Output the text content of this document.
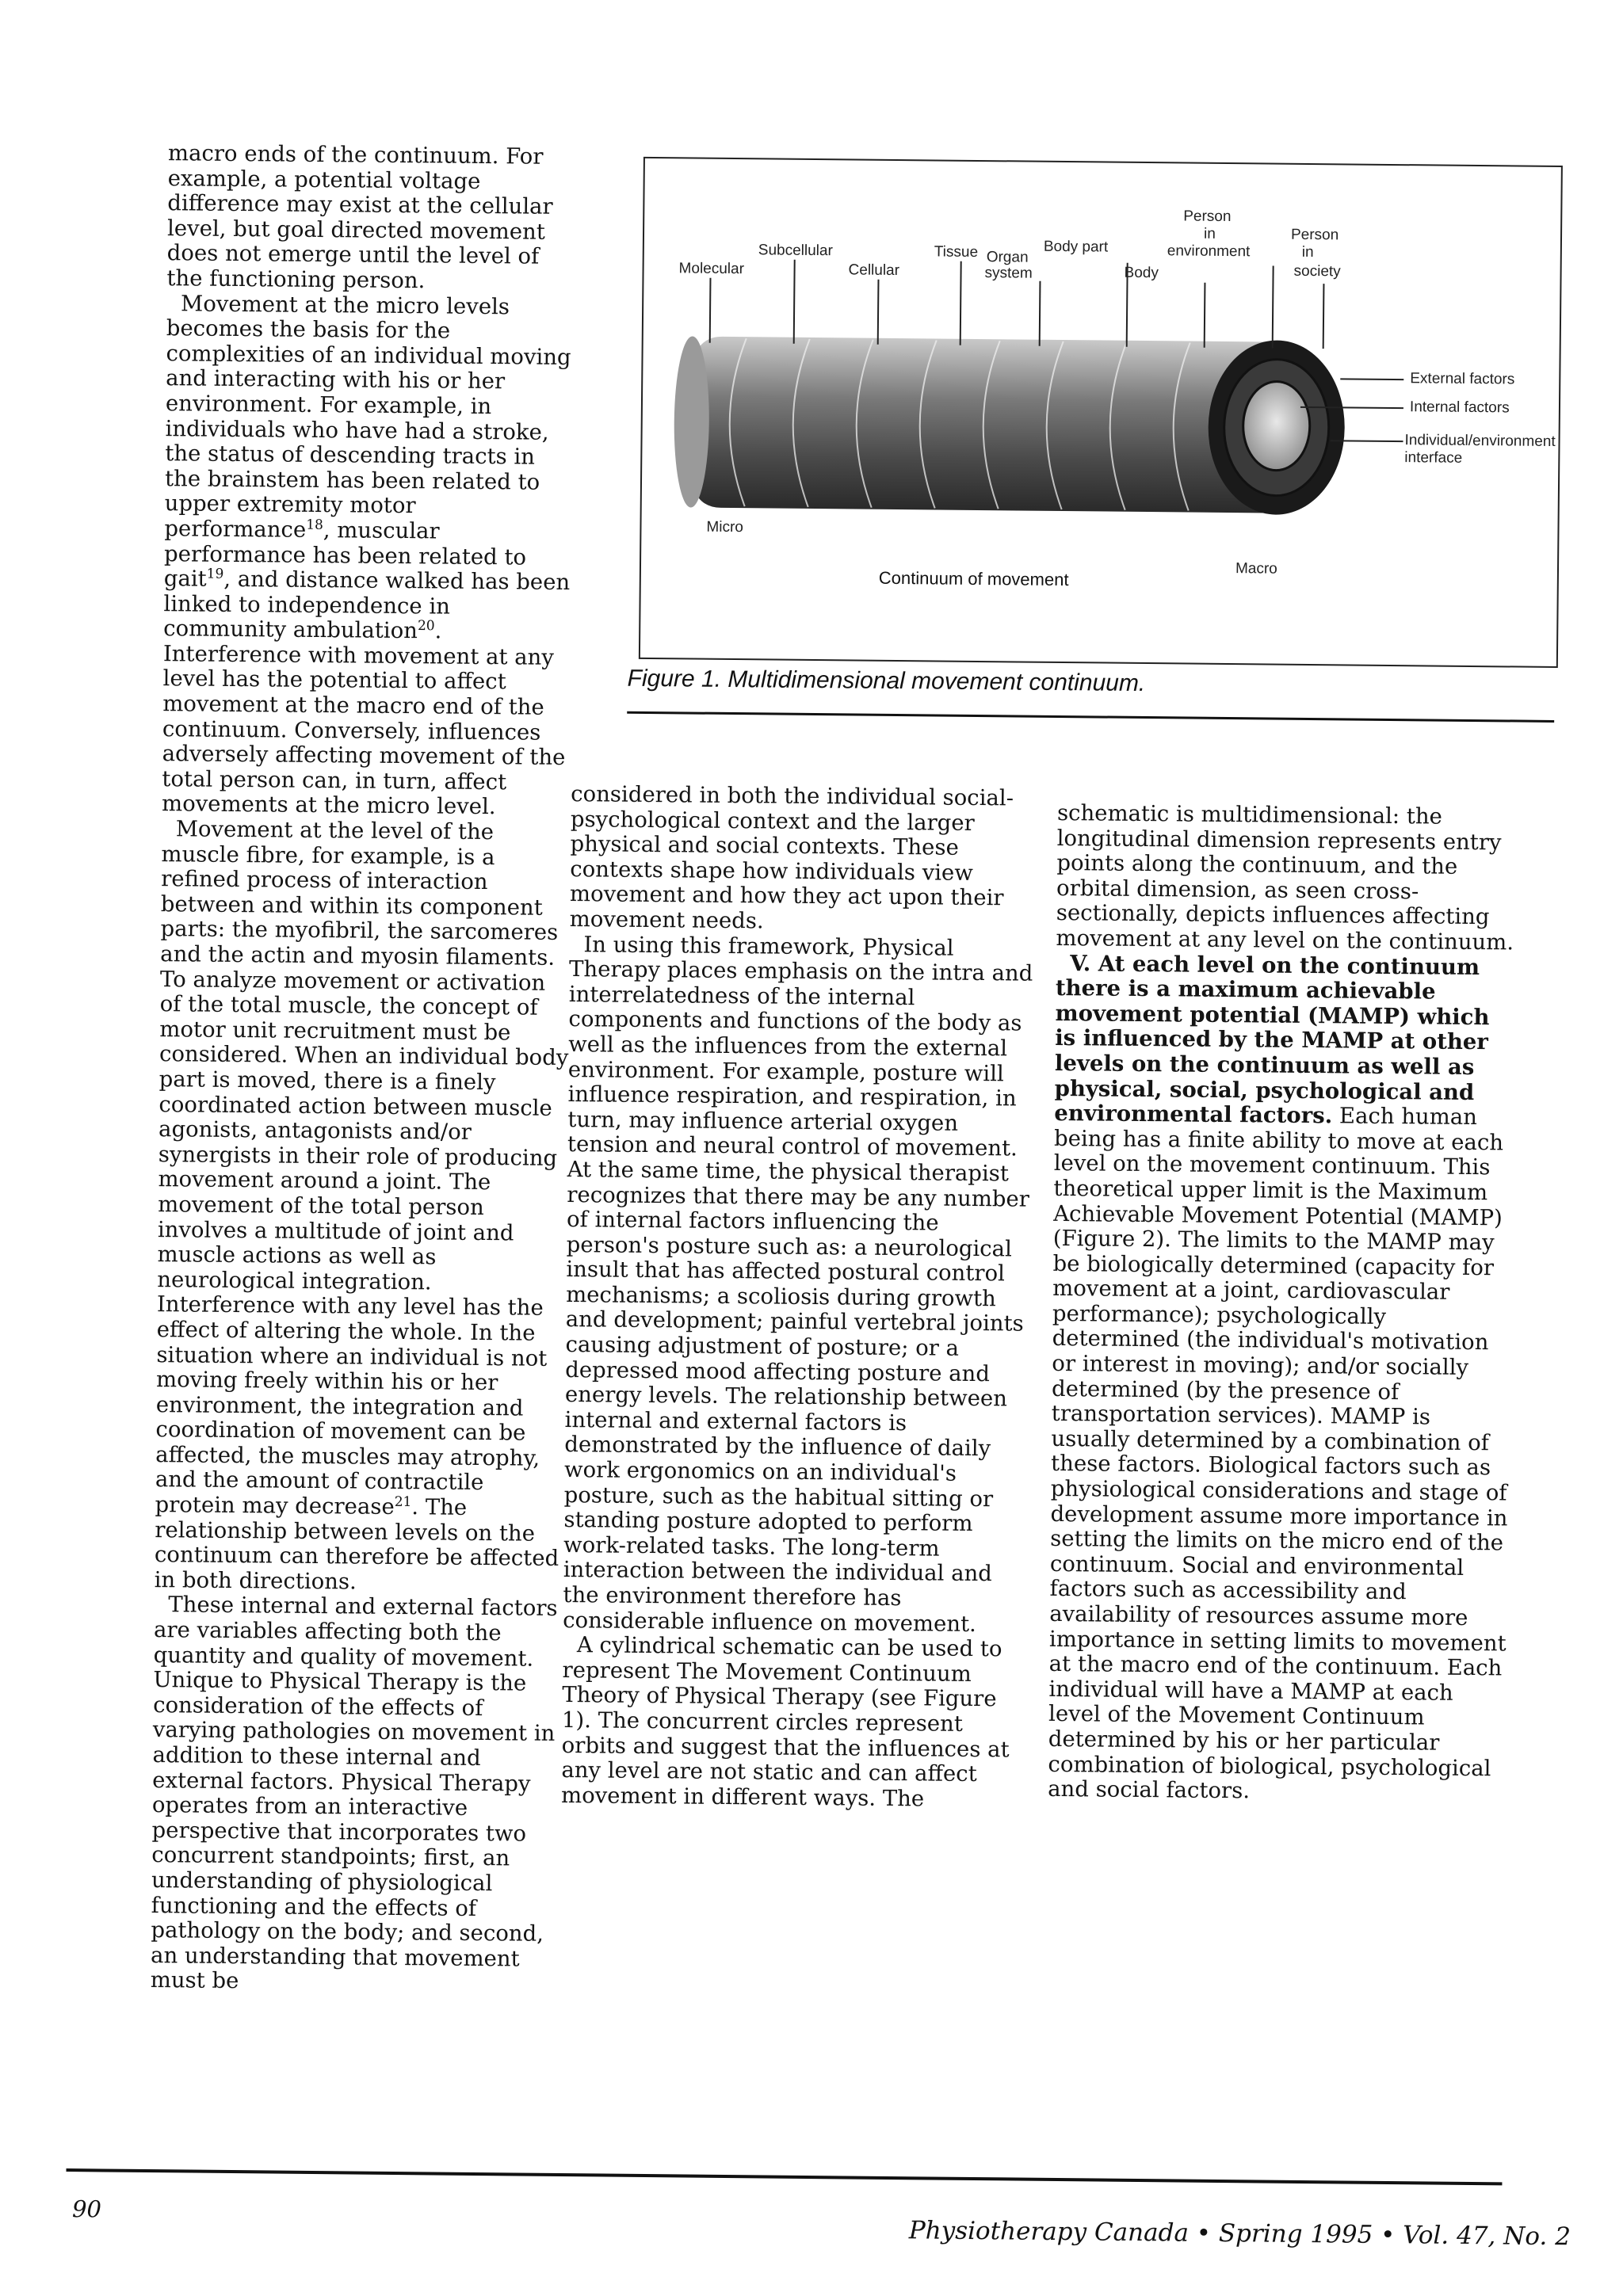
macro ends of the continuum. For example, a potential voltage difference may exist at the cellular level, but goal directed movement does not emerge until the level of the functioning person.

Movement at the micro levels becomes the basis for the complexities of an individual moving and interacting with his or her environment. For example, in individuals who have had a stroke, the status of descending tracts in the brainstem has been related to upper extremity motor performance$^{18}$, muscular performance has been related to gait$^{19}$, and distance walked has been linked to independence in community ambulation$^{20}$. Interference with movement at any level has the potential to affect movement at the macro end of the continuum. Conversely, influences adversely affecting movement of the total person can, in turn, affect movements at the micro level.

Movement at the level of the muscle fibre, for example, is a refined process of interaction between and within its component parts: the myofibril, the sarcomeres and the actin and myosin filaments. To analyze movement or activation of the total muscle, the concept of motor unit recruitment must be considered. When an individual body part is moved, there is a finely coordinated action between muscle agonists, antagonists and/or synergists in their role of producing movement around a joint. The movement of the total person involves a multitude of joint and muscle actions as well as neurological integration. Interference with any level has the effect of altering the whole. In the situation where an individual is not moving freely within his or her environment, the integration and coordination of movement can be affected, the muscles may atrophy, and the amount of contractile protein may decrease$^{21}$. The relationship between levels on the continuum can therefore be affected in both directions.

These internal and external factors are variables affecting both the quantity and quality of movement. Unique to Physical Therapy is the consideration of the effects of varying pathologies on movement in addition to these internal and external factors. Physical Therapy operates from an interactive perspective that incorporates two concurrent standpoints; first, an understanding of physiological functioning and the effects of pathology on the body; and second, an understanding that movement must be

Molecular
Subcellular
Cellular
Tissue Organ
system
Body part
Body
Person
in
environment
Person
in
society
Micro
Macro
External factors
Internal factors
Individual/environment
interface
Continuum of movement
Figure 1. Multidimensional movement continuum.

considered in both the individual social-psychological context and the larger physical and social contexts. These contexts shape how individuals view movement and how they act upon their movement needs.

In using this framework, Physical Therapy places emphasis on the intra and interrelatedness of the internal components and functions of the body as well as the influences from the external environment. For example, posture will influence respiration, and respiration, in turn, may influence arterial oxygen tension and neural control of movement. At the same time, the physical therapist recognizes that there may be any number of internal factors influencing the person's posture such as: a neurological insult that has affected postural control mechanisms; a scoliosis during growth and development; painful vertebral joints causing adjustment of posture; or a depressed mood affecting posture and energy levels. The relationship between internal and external factors is demonstrated by the influence of daily work ergonomics on an individual's posture, such as the habitual sitting or standing posture adopted to perform work-related tasks. The long-term interaction between the individual and the environment therefore has considerable influence on movement.

A cylindrical schematic can be used to represent The Movement Continuum Theory of Physical Therapy (see Figure 1). The concurrent circles represent orbits and suggest that the influences at any level are not static and can affect movement in different ways. The

schematic is multidimensional: the longitudinal dimension represents entry points along the continuum, and the orbital dimension, as seen cross-sectionally, depicts influences affecting movement at any level on the continuum.

V. At each level on the continuum there is a maximum achievable movement potential (MAMP) which is influenced by the MAMP at other levels on the continuum as well as physical, social, psychological and environmental factors. Each human being has a finite ability to move at each level on the movement continuum. This theoretical upper limit is the Maximum Achievable Movement Potential (MAMP) (Figure 2). The limits to the MAMP may be biologically determined (capacity for movement at a joint, cardiovascular performance); psychologically determined (the individual's motivation or interest in moving); and/or socially determined (by the presence of transportation services). MAMP is usually determined by a combination of these factors. Biological factors such as physiological considerations and stage of development assume more importance in setting the limits on the micro end of the continuum. Social and environmental factors such as accessibility and availability of resources assume more importance in setting limits to movement at the macro end of the continuum. Each individual will have a MAMP at each level of the Movement Continuum determined by his or her particular combination of biological, psychological and social factors.

90
Physiotherapy Canada • Spring 1995 • Vol. 47, No. 2
